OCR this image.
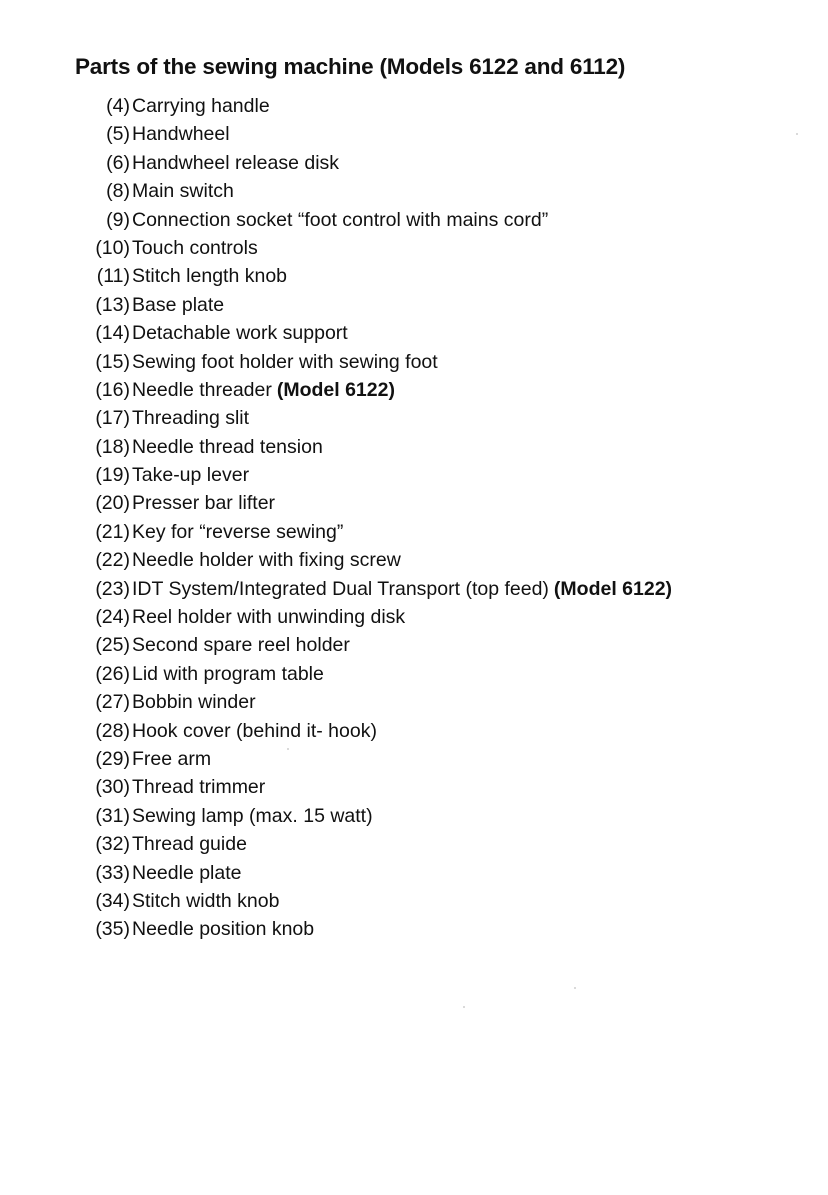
Parts of the sewing machine (Models 6122 and 6112)
(4) Carrying handle
(5) Handwheel
(6) Handwheel release disk
(8) Main switch
(9) Connection socket “foot control with mains cord”
(10) Touch controls
(11) Stitch length knob
(13) Base plate
(14) Detachable work support
(15) Sewing foot holder with sewing foot
(16) Needle threader (Model 6122)
(17) Threading slit
(18) Needle thread tension
(19) Take-up lever
(20) Presser bar lifter
(21) Key for “reverse sewing”
(22) Needle holder with fixing screw
(23) IDT System/Integrated Dual Transport (top feed) (Model 6122)
(24) Reel holder with unwinding disk
(25) Second spare reel holder
(26) Lid with program table
(27) Bobbin winder
(28) Hook cover (behind it- hook)
(29) Free arm
(30) Thread trimmer
(31) Sewing lamp (max. 15 watt)
(32) Thread guide
(33) Needle plate
(34) Stitch width knob
(35) Needle position knob
